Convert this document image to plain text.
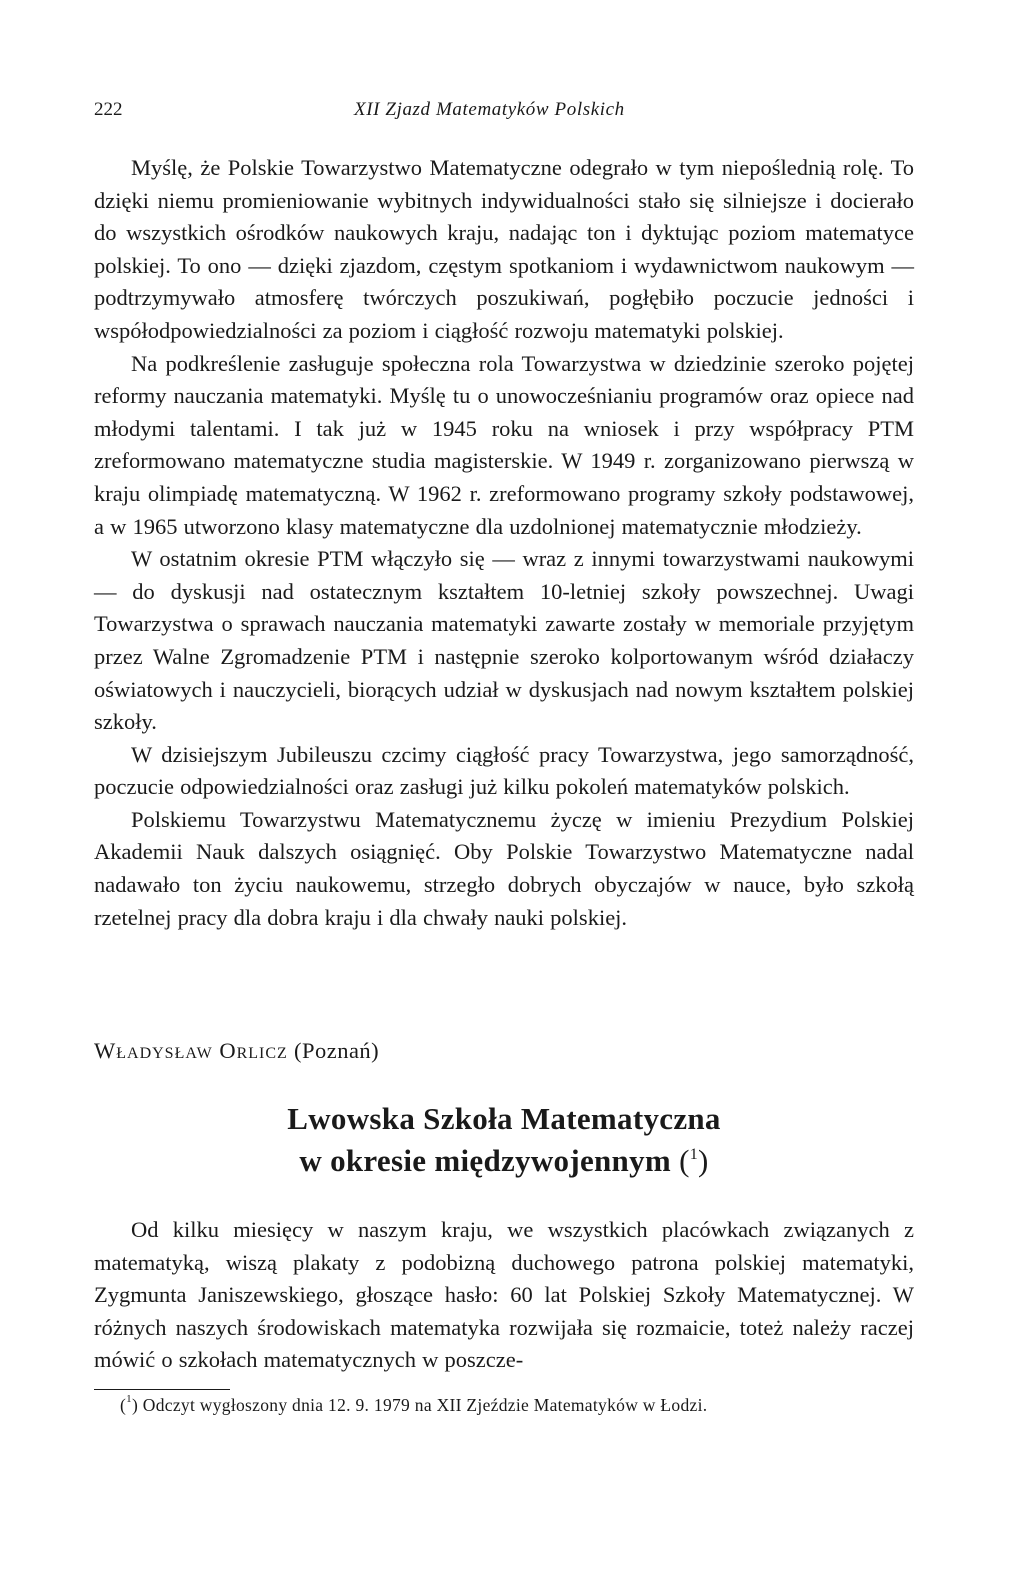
222	XII Zjazd Matematyków Polskich

Myślę, że Polskie Towarzystwo Matematyczne odegrało w tym niepoślednią rolę. To dzięki niemu promieniowanie wybitnych indywidualności stało się silniejsze i docierało do wszystkich ośrodków naukowych kraju, nadając ton i dyktując poziom matematyce polskiej. To ono — dzięki zjazdom, częstym spotkaniom i wydawnictwom naukowym — podtrzymywało atmosferę twórczych poszukiwań, pogłębiło poczucie jedności i współodpowiedzialności za poziom i ciągłość rozwoju matematyki polskiej.

Na podkreślenie zasługuje społeczna rola Towarzystwa w dziedzinie szeroko pojętej reformy nauczania matematyki. Myślę tu o unowocześnianiu programów oraz opiece nad młodymi talentami. I tak już w 1945 roku na wniosek i przy współpracy PTM zreformowano matematyczne studia magisterskie. W 1949 r. zorganizowano pierwszą w kraju olimpiadę matematyczną. W 1962 r. zreformowano programy szkoły podstawowej, a w 1965 utworzono klasy matematyczne dla uzdolnionej matematycznie młodzieży.

W ostatnim okresie PTM włączyło się — wraz z innymi towarzystwami naukowymi — do dyskusji nad ostatecznym kształtem 10-letniej szkoły powszechnej. Uwagi Towarzystwa o sprawach nauczania matematyki zawarte zostały w memoriale przyjętym przez Walne Zgromadzenie PTM i następnie szeroko kolportowanym wśród działaczy oświatowych i nauczycieli, biorących udział w dyskusjach nad nowym kształtem polskiej szkoły.

W dzisiejszym Jubileuszu czcimy ciągłość pracy Towarzystwa, jego samorządność, poczucie odpowiedzialności oraz zasługi już kilku pokoleń matematyków polskich.

Polskiemu Towarzystwu Matematycznemu życzę w imieniu Prezydium Polskiej Akademii Nauk dalszych osiągnięć. Oby Polskie Towarzystwo Matematyczne nadal nadawało ton życiu naukowemu, strzegło dobrych obyczajów w nauce, było szkołą rzetelnej pracy dla dobra kraju i dla chwały nauki polskiej.

Władysław Orlicz (Poznań)
Lwowska Szkoła Matematyczna
w okresie międzywojennym ($^1$)

Od kilku miesięcy w naszym kraju, we wszystkich placówkach związanych z matematyką, wiszą plakaty z podobizną duchowego patrona polskiej matematyki, Zygmunta Janiszewskiego, głoszące hasło: 60 lat Polskiej Szkoły Matematycznej. W różnych naszych środowiskach matematyka rozwijała się rozmaicie, toteż należy raczej mówić o szkołach matematycznych w poszcze-

($^1$) Odczyt wygłoszony dnia 12. 9. 1979 na XII Zjeździe Matematyków w Łodzi.
